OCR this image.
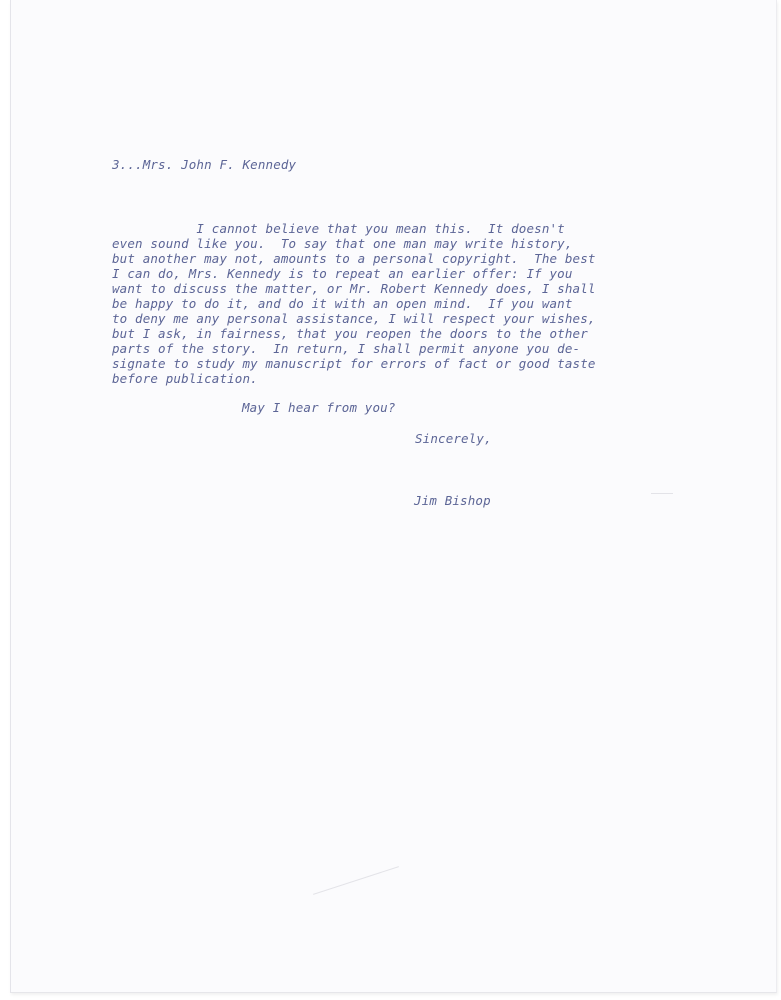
3...Mrs. John F. Kennedy

I cannot believe that you mean this.  It doesn't

even sound like you.  To say that one man may write history,

but another may not, amounts to a personal copyright.  The best

I can do, Mrs. Kennedy is to repeat an earlier offer: If you

want to discuss the matter, or Mr. Robert Kennedy does, I shall

be happy to do it, and do it with an open mind.  If you want

to deny me any personal assistance, I will respect your wishes,

but I ask, in fairness, that you reopen the doors to the other

parts of the story.  In return, I shall permit anyone you de-

signate to study my manuscript for errors of fact or good taste

before publication.

May I hear from you?

Sincerely,

Jim Bishop
